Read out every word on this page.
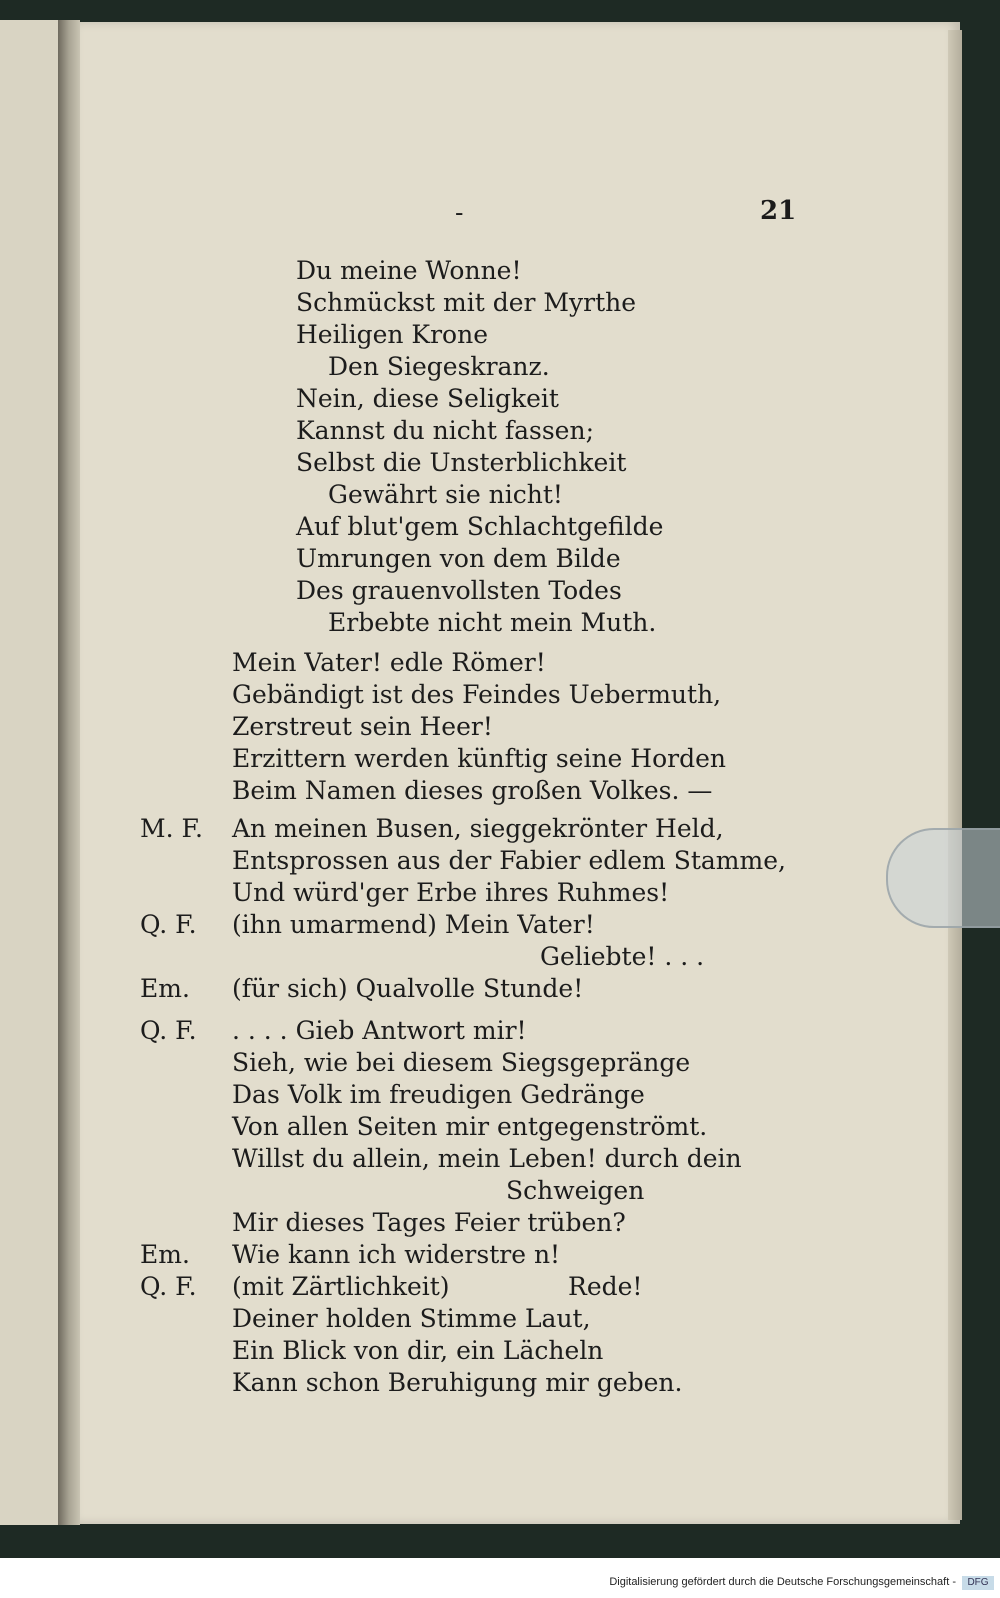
-	21
Du meine Wonne!
Schmückst mit der Myrthe
Heiligen Krone
Den Siegeskranz.
Nein, diese Seligkeit
Kannst du nicht fassen;
Selbst die Unsterblichkeit
Gewährt sie nicht!
Auf blut'gem Schlachtgefilde
Umrungen von dem Bilde
Des grauenvollsten Todes
Erbebte nicht mein Muth.
Mein Vater! edle Römer!
Gebändigt ist des Feindes Uebermuth,
Zerstreut sein Heer!
Erzittern werden künftig seine Horden
Beim Namen dieses großen Volkes. —
M. F. An meinen Busen, sieggekrönter Held,
Entsprossen aus der Fabier edlem Stamme,
Und würd'ger Erbe ihres Ruhmes!
Q. F. (ihn umarmend) Mein Vater!
Geliebte! . . .
Em. (für sich) Qualvolle Stunde!
Q. F. . . . . Gieb Antwort mir!
Sieh, wie bei diesem Siegsgepränge
Das Volk im freudigen Gedränge
Von allen Seiten mir entgegenströmt.
Willst du allein, mein Leben! durch dein
Schweigen
Mir dieses Tages Feier trüben?
Em. Wie kann ich widerstre n!
Q. F. (mit Zärtlichkeit)	Rede!
Deiner holden Stimme Laut,
Ein Blick von dir, ein Lächeln
Kann schon Beruhigung mir geben.
Digitalisierung gefördert durch die Deutsche Forschungsgemeinschaft -	DFG
